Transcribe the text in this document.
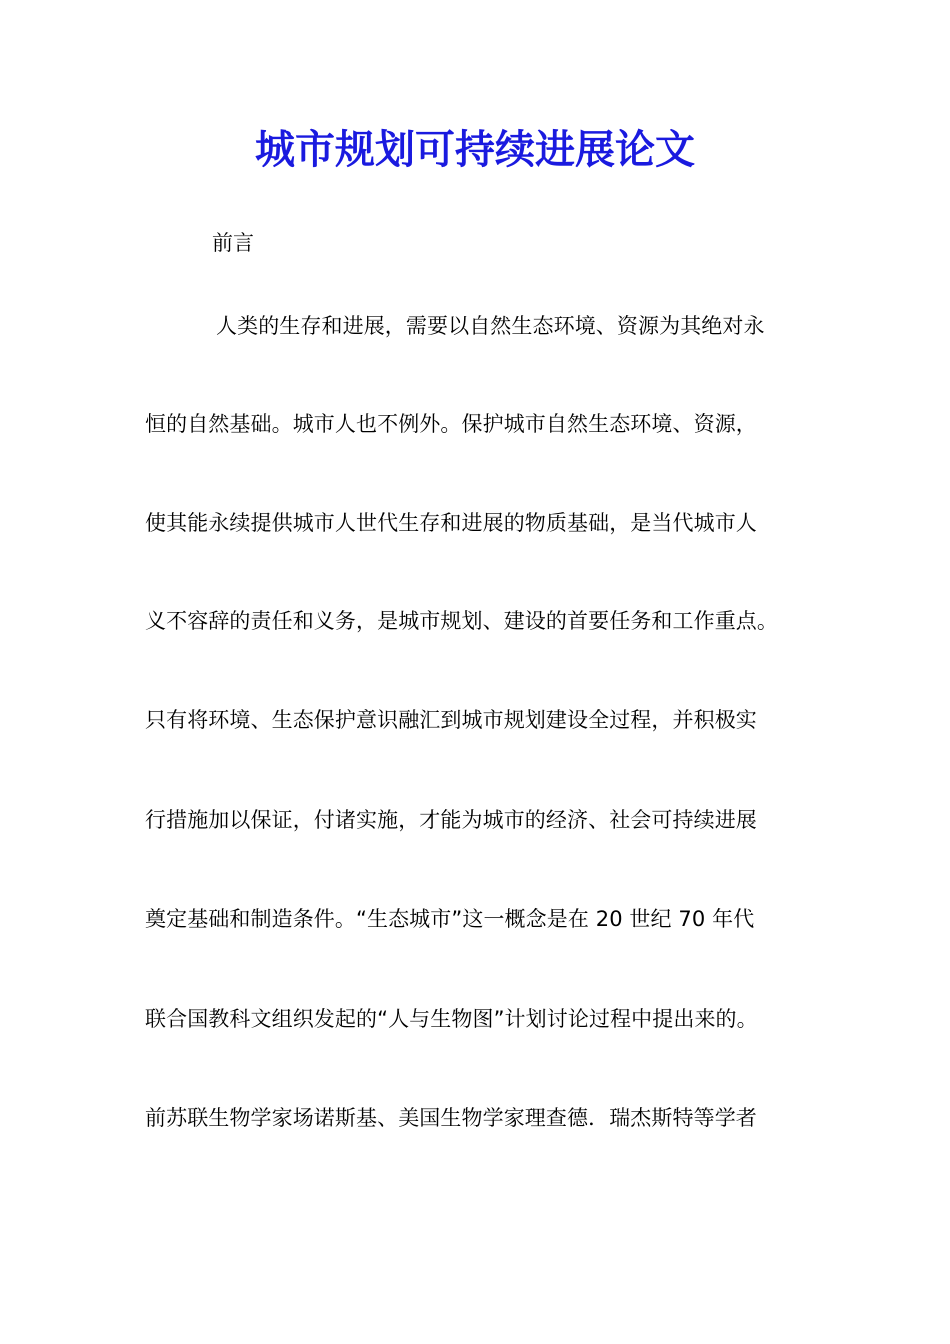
城市规划可持续进展论文
前言
人类的生存和进展，需要以自然生态环境、资源为其绝对永
恒的自然基础。城市人也不例外。保护城市自然生态环境、资源，
使其能永续提供城市人世代生存和进展的物质基础，是当代城市人
义不容辞的责任和义务，是城市规划、建设的首要任务和工作重点。
只有将环境、生态保护意识融汇到城市规划建设全过程，并积极实
行措施加以保证，付诸实施，才能为城市的经济、社会可持续进展
奠定基础和制造条件。“生态城市”这一概念是在 20 世纪 70 年代
联合国教科文组织发起的“人与生物图”计划讨论过程中提出来的。
前苏联生物学家场诺斯基、美国生物学家理查德．瑞杰斯特等学者
